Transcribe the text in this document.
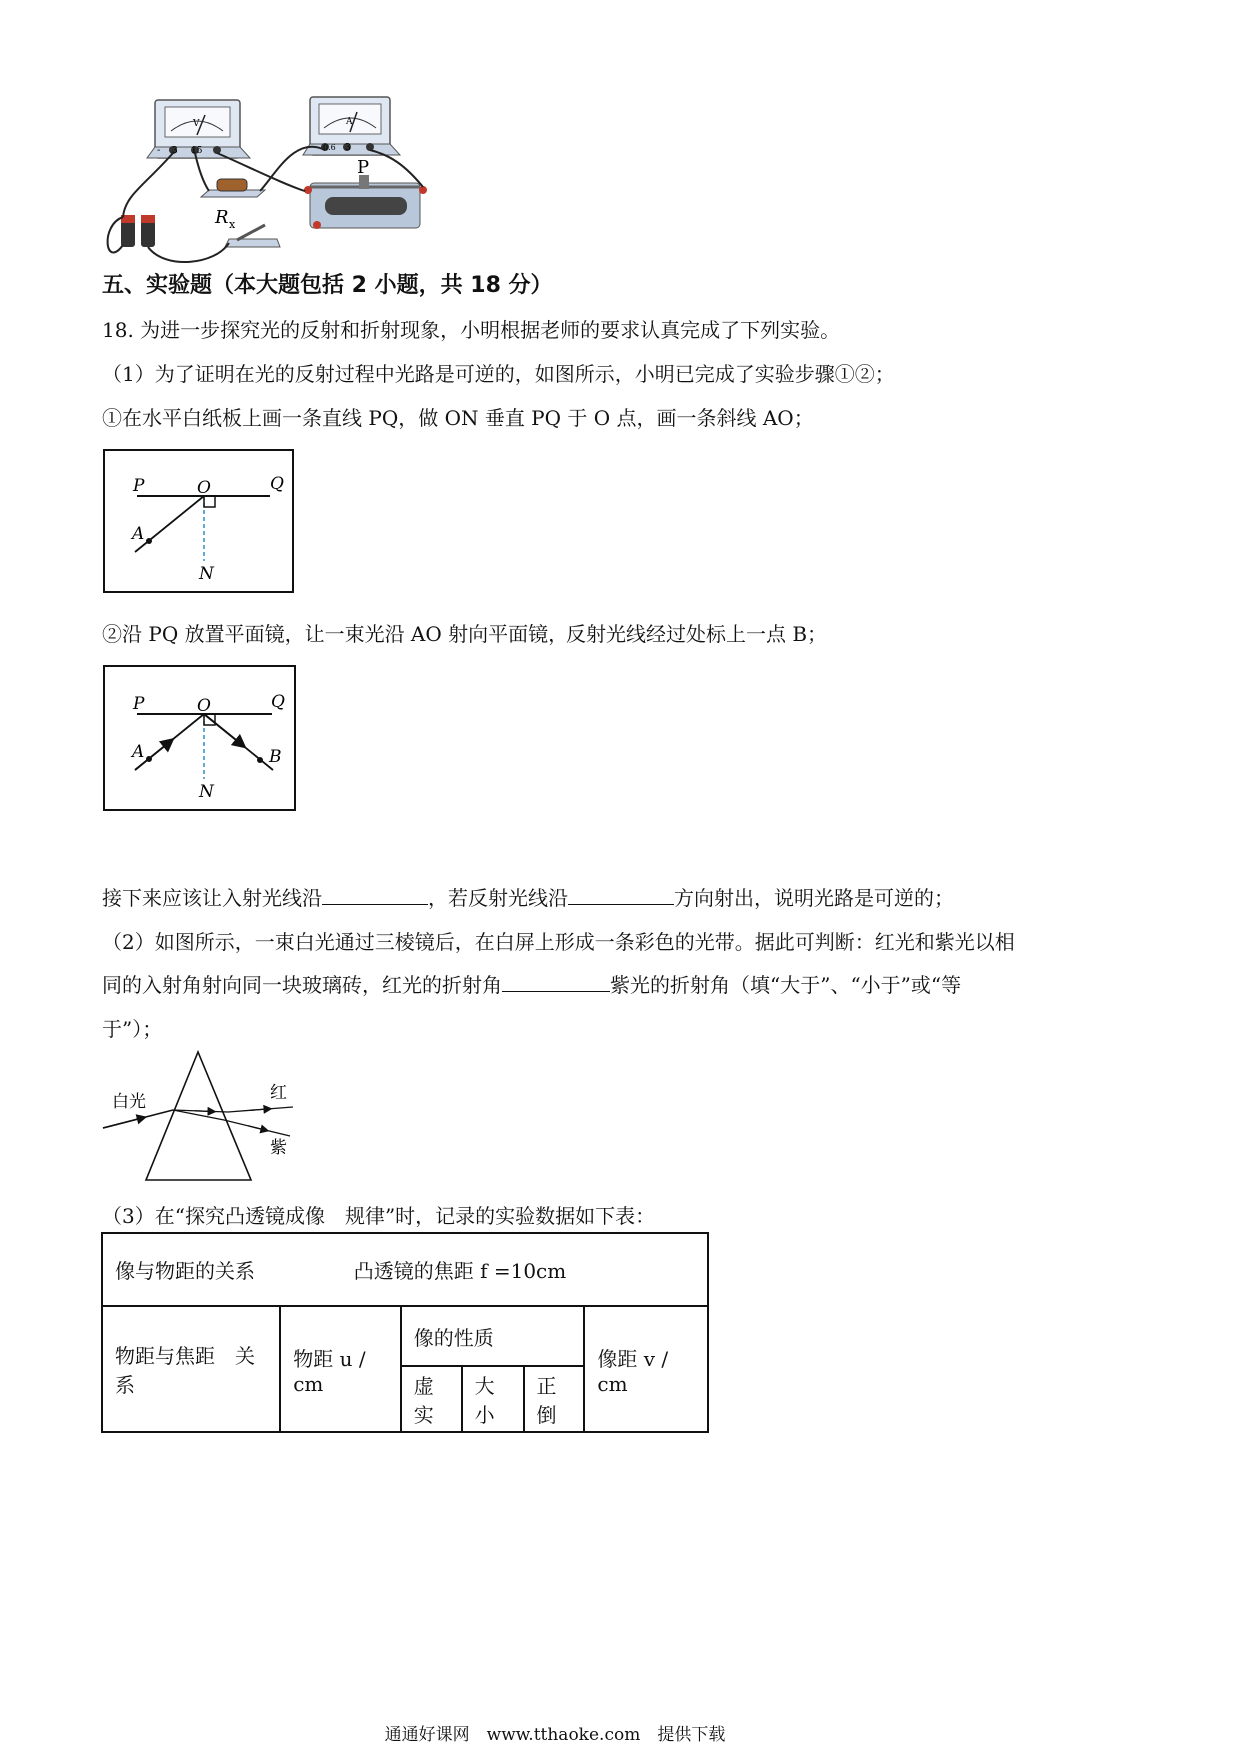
V
- 3 15
A
- 0.6 3
R x
P
五、实验题（本大题包括 2 小题，共 18 分）
18. 为进一步探究光的反射和折射现象，小明根据老师的要求认真完成了下列实验。
（1）为了证明在光的反射过程中光路是可逆的，如图所示，小明已完成了实验步骤①②；
①在水平白纸板上画一条直线 PQ，做 ON 垂直 PQ 于 O 点，画一条斜线 AO；
P	O	Q
A
N
②沿 PQ 放置平面镜，让一束光沿 AO 射向平面镜，
反射光线经过处标上一点 B；
P	O	Q
A	B
N
接下来应该让入射光线沿	，若反射光线沿	方向射出，说明光路是可逆的；
（2）如图所示，一束白光通过三棱镜后，在白屏上形成一条彩色的光带。据此可判断：红光和紫光以相
同的入射角射向同一块玻璃砖，红光的折射角	紫光的折射角（填“大于”、“小于”或“等
于”）；
白光	红
紫
（3）在“探究凸透镜成像　规律”时，记录的实验数据如下表：
像与物距的关系 凸透镜的焦距 f =10cm					
物距与焦距　关系	物距 u / cm	像的性质			像距 v / cm
		虚实	大小	正倒	
通通好课网　www.tthaoke.com　提供下载
